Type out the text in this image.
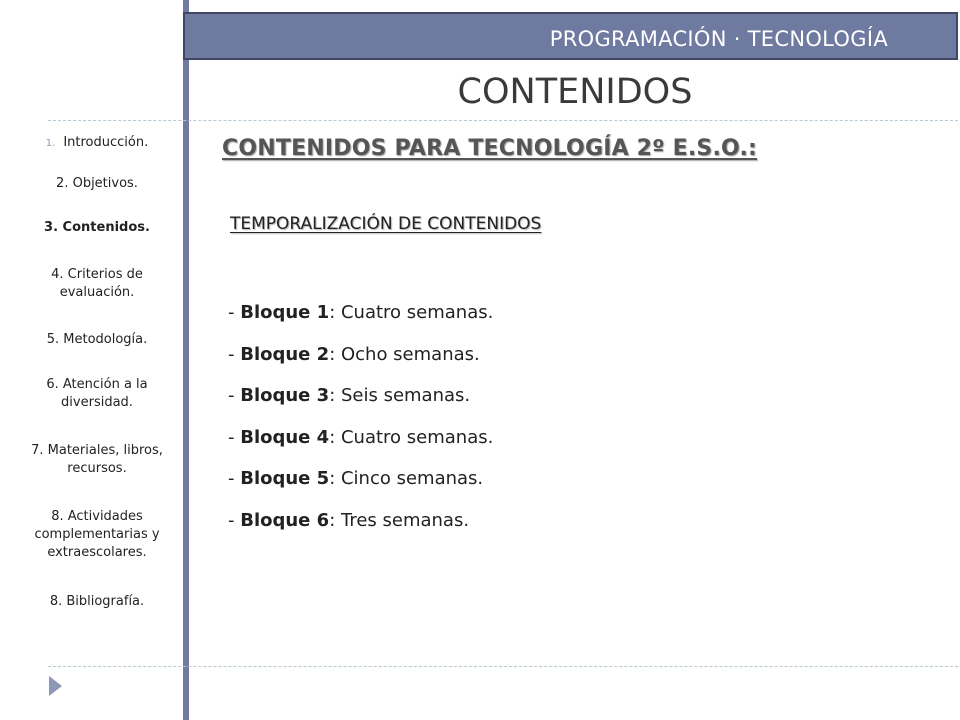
PROGRAMACIÓN · TECNOLOGÍA
CONTENIDOS
1. Introducción.
2. Objetivos.
3. Contenidos.
4. Criterios de evaluación.
5. Metodología.
6. Atención a la diversidad.
7. Materiales, libros, recursos.
8. Actividades complementarias y extraescolares.
8. Bibliografía.
CONTENIDOS PARA TECNOLOGÍA 2º E.S.O.:
TEMPORALIZACIÓN DE CONTENIDOS
- Bloque 1: Cuatro semanas.
- Bloque 2: Ocho semanas.
- Bloque 3: Seis semanas.
- Bloque 4: Cuatro semanas.
- Bloque 5: Cinco semanas.
- Bloque 6: Tres semanas.
